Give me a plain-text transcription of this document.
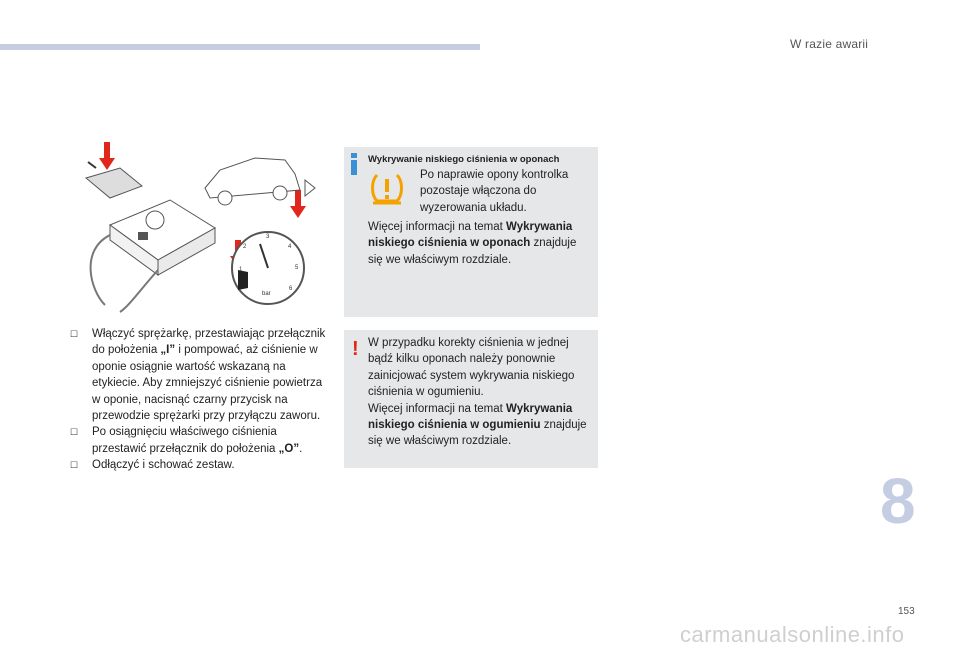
W razie awarii
1
2
3
4
5
6
bar
☐ Włączyć sprężarkę, przestawiając przełącznik do położenia „I” i pompować, aż ciśnienie w oponie osiągnie wartość wskazaną na etykiecie. Aby zmniejszyć ciśnienie powietrza w oponie, nacisnąć czarny przycisk na przewodzie sprężarki przy przyłączu zaworu.
☐ Po osiągnięciu właściwego ciśnienia przestawić przełącznik do położenia „O”.
☐ Odłączyć i schować zestaw.
Wykrywanie niskiego ciśnienia w oponach
Po naprawie opony kontrolka pozostaje włączona do wyzerowania układu.
Więcej informacji na temat Wykrywania niskiego ciśnienia w oponach znajduje się we właściwym rozdziale.
! W przypadku korekty ciśnienia w jednej bądź kilku oponach należy ponownie zainicjować system wykrywania niskiego ciśnienia w ogumieniu.
Więcej informacji na temat Wykrywania niskiego ciśnienia w ogumieniu znajduje się we właściwym rozdziale.
8
153
carmanualsonline.info
